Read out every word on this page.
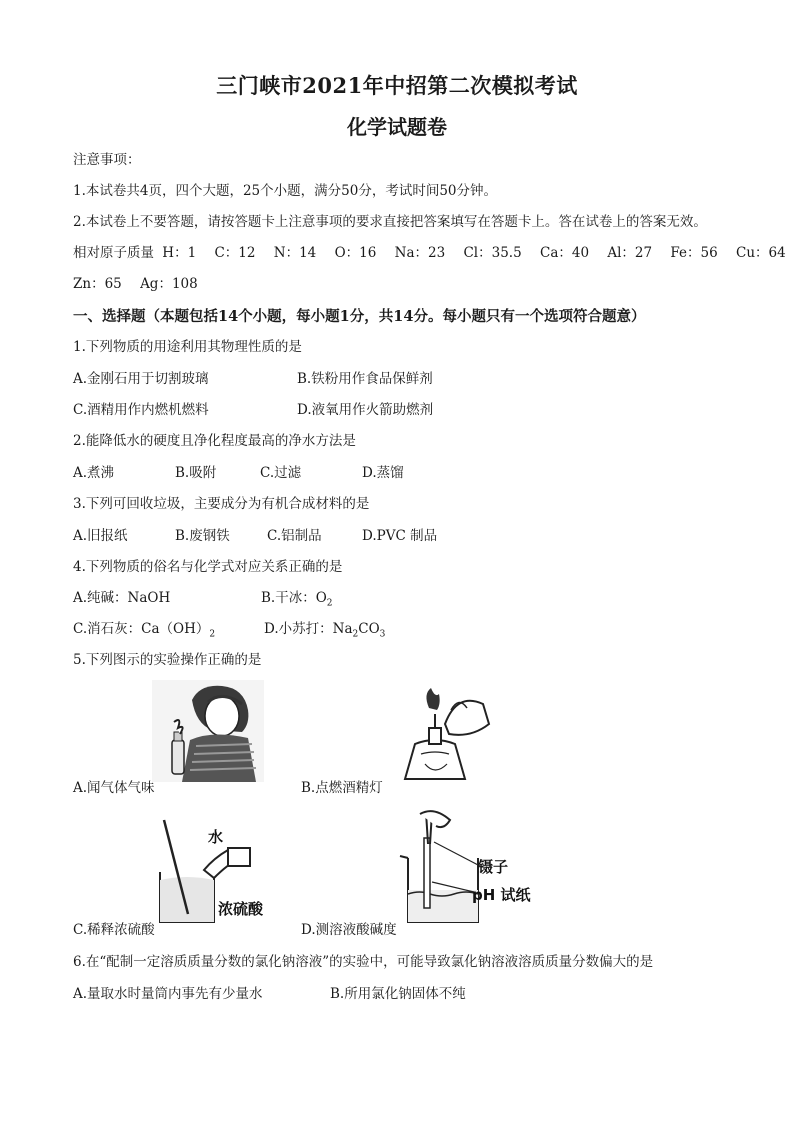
三门峡市2021年中招第二次模拟考试
化学试题卷
注意事项：
1.本试卷共4页，四个大题，25个小题，满分50分，考试时间50分钟。
2.本试卷上不要答题，请按答题卡上注意事项的要求直接把答案填写在答题卡上。答在试卷上的答案无效。
相对原子质量 H：1 C：12 N：14 O：16 Na：23 Cl：35.5 Ca：40 Al：27 Fe：56 Cu：64
Zn：65 Ag：108
一、选择题（本题包括14个小题，每小题1分，共14分。每小题只有一个选项符合题意）
1.下列物质的用途利用其物理性质的是
A.金刚石用于切割玻璃	B.铁粉用作食品保鲜剂
C.酒精用作内燃机燃料	D.液氧用作火箭助燃剂
2.能降低水的硬度且净化程度最高的净水方法是
A.煮沸	B.吸附	C.过滤	D.蒸馏
3.下列可回收垃圾，主要成分为有机合成材料的是
A.旧报纸	B.废钢铁	C.铝制品	D.PVC 制品
4.下列物质的俗名与化学式对应关系正确的是
A.纯碱：NaOH	B.干冰：$O_2$
C.消石灰：$Ca(OH)_2$	D.小苏打：$Na_2CO_3$
5.下列图示的实验操作正确的是
A.闻气体气味	B.点燃酒精灯
水
浓硫酸
镊子
pH 试纸
C.稀释浓硫酸	D.测溶液酸碱度
6.在“配制一定溶质质量分数的氯化钠溶液”的实验中，可能导致氯化钠溶液溶质质量分数偏大的是
A.量取水时量筒内事先有少量水	B.所用氯化钠固体不纯
